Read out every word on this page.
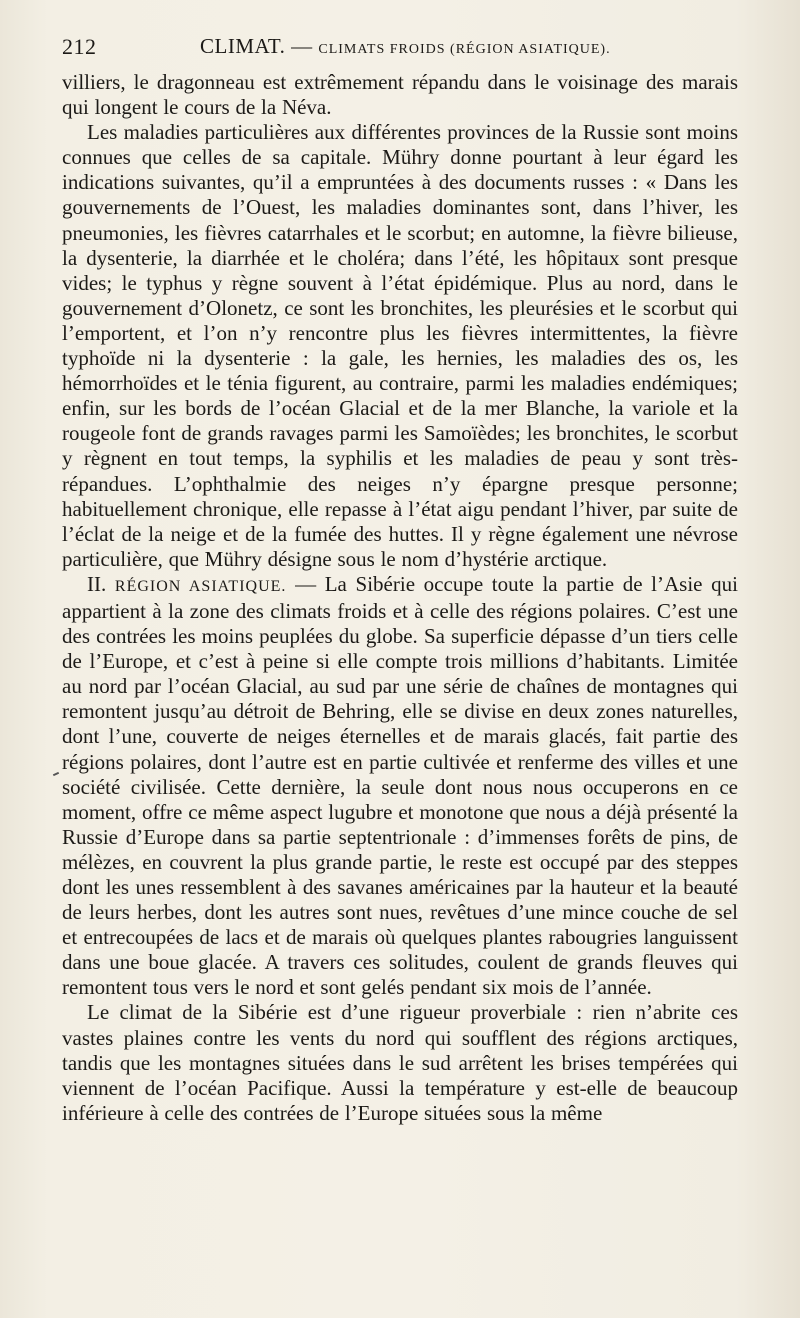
212	CLIMAT. — CLIMATS FROIDS (RÉGION ASIATIQUE).

villiers, le dragonneau est extrêmement répandu dans le voisinage des marais qui longent le cours de la Néva.

Les maladies particulières aux différentes provinces de la Russie sont moins connues que celles de sa capitale. Mühry donne pourtant à leur égard les indications suivantes, qu’il a empruntées à des documents russes : « Dans les gouvernements de l’Ouest, les maladies dominantes sont, dans l’hiver, les pneumonies, les fièvres catarrhales et le scorbut; en automne, la fièvre bilieuse, la dysenterie, la diarrhée et le choléra; dans l’été, les hôpitaux sont presque vides; le typhus y règne souvent à l’état épidémique. Plus au nord, dans le gouvernement d’Olonetz, ce sont les bronchites, les pleurésies et le scorbut qui l’emportent, et l’on n’y rencontre plus les fièvres intermittentes, la fièvre typhoïde ni la dysenterie : la gale, les hernies, les maladies des os, les hémorrhoïdes et le ténia figurent, au contraire, parmi les maladies endémiques; enfin, sur les bords de l’océan Glacial et de la mer Blanche, la variole et la rougeole font de grands ravages parmi les Samoïèdes; les bronchites, le scorbut y règnent en tout temps, la syphilis et les maladies de peau y sont très-répandues. L’ophthalmie des neiges n’y épargne presque personne; habituellement chronique, elle repasse à l’état aigu pendant l’hiver, par suite de l’éclat de la neige et de la fumée des huttes. Il y règne également une névrose particulière, que Mühry désigne sous le nom d’hystérie arctique.

II. RÉGION ASIATIQUE. — La Sibérie occupe toute la partie de l’Asie qui appartient à la zone des climats froids et à celle des régions polaires. C’est une des contrées les moins peuplées du globe. Sa superficie dépasse d’un tiers celle de l’Europe, et c’est à peine si elle compte trois millions d’habitants. Limitée au nord par l’océan Glacial, au sud par une série de chaînes de montagnes qui remontent jusqu’au détroit de Behring, elle se divise en deux zones naturelles, dont l’une, couverte de neiges éternelles et de marais glacés, fait partie des régions polaires, dont l’autre est en partie cultivée et renferme des villes et une société civilisée. Cette dernière, la seule dont nous nous occuperons en ce moment, offre ce même aspect lugubre et monotone que nous a déjà présenté la Russie d’Europe dans sa partie septentrionale : d’immenses forêts de pins, de mélèzes, en couvrent la plus grande partie, le reste est occupé par des steppes dont les unes ressemblent à des savanes américaines par la hauteur et la beauté de leurs herbes, dont les autres sont nues, revêtues d’une mince couche de sel et entrecoupées de lacs et de marais où quelques plantes rabougries languissent dans une boue glacée. A travers ces solitudes, coulent de grands fleuves qui remontent tous vers le nord et sont gelés pendant six mois de l’année.

Le climat de la Sibérie est d’une rigueur proverbiale : rien n’abrite ces vastes plaines contre les vents du nord qui soufflent des régions arctiques, tandis que les montagnes situées dans le sud arrêtent les brises tempérées qui viennent de l’océan Pacifique. Aussi la température y est-elle de beaucoup inférieure à celle des contrées de l’Europe situées sous la même
